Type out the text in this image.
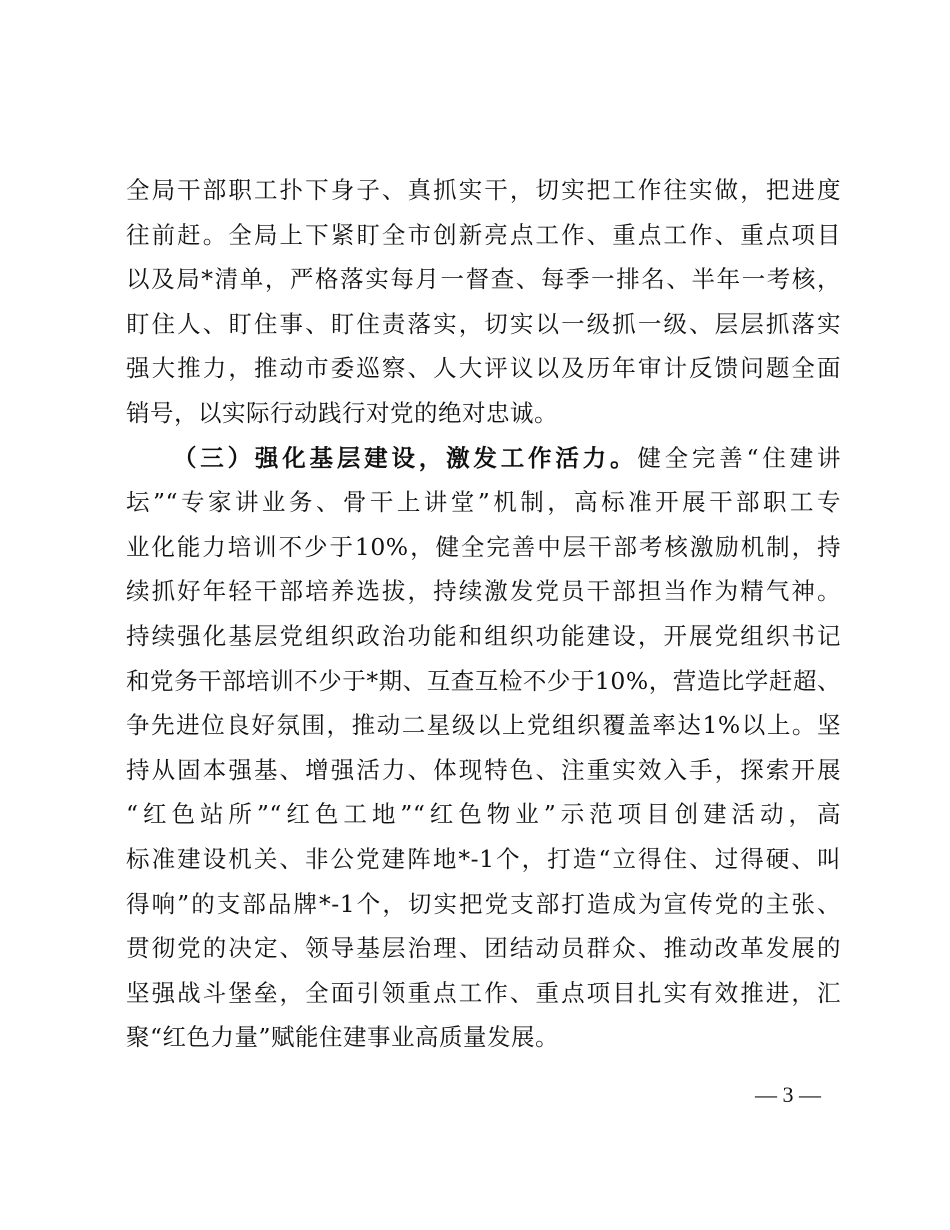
全局干部职工扑下身子、真抓实干，切实把工作往实做，把进度
往前赶。全局上下紧盯全市创新亮点工作、重点工作、重点项目
以及局*清单，严格落实每月一督查、每季一排名、半年一考核，
盯住人、盯住事、盯住责落实，切实以一级抓一级、层层抓落实
强大推力，推动市委巡察、人大评议以及历年审计反馈问题全面
销号，以实际行动践行对党的绝对忠诚。
（三）强化基层建设，激发工作活力。健全完善“住建讲
坛”“专家讲业务、骨干上讲堂”机制，高标准开展干部职工专
业化能力培训不少于10%，健全完善中层干部考核激励机制，持
续抓好年轻干部培养选拔，持续激发党员干部担当作为精气神。
持续强化基层党组织政治功能和组织功能建设，开展党组织书记
和党务干部培训不少于*期、互查互检不少于10%，营造比学赶超、
争先进位良好氛围，推动二星级以上党组织覆盖率达1%以上。坚
持从固本强基、增强活力、体现特色、注重实效入手，探索开展
“红色站所”“红色工地”“红色物业”示范项目创建活动，高
标准建设机关、非公党建阵地*-1个，打造“立得住、过得硬、叫
得响”的支部品牌*-1个，切实把党支部打造成为宣传党的主张、
贯彻党的决定、领导基层治理、团结动员群众、推动改革发展的
坚强战斗堡垒，全面引领重点工作、重点项目扎实有效推进，汇
聚“红色力量”赋能住建事业高质量发展。
— 3 —
